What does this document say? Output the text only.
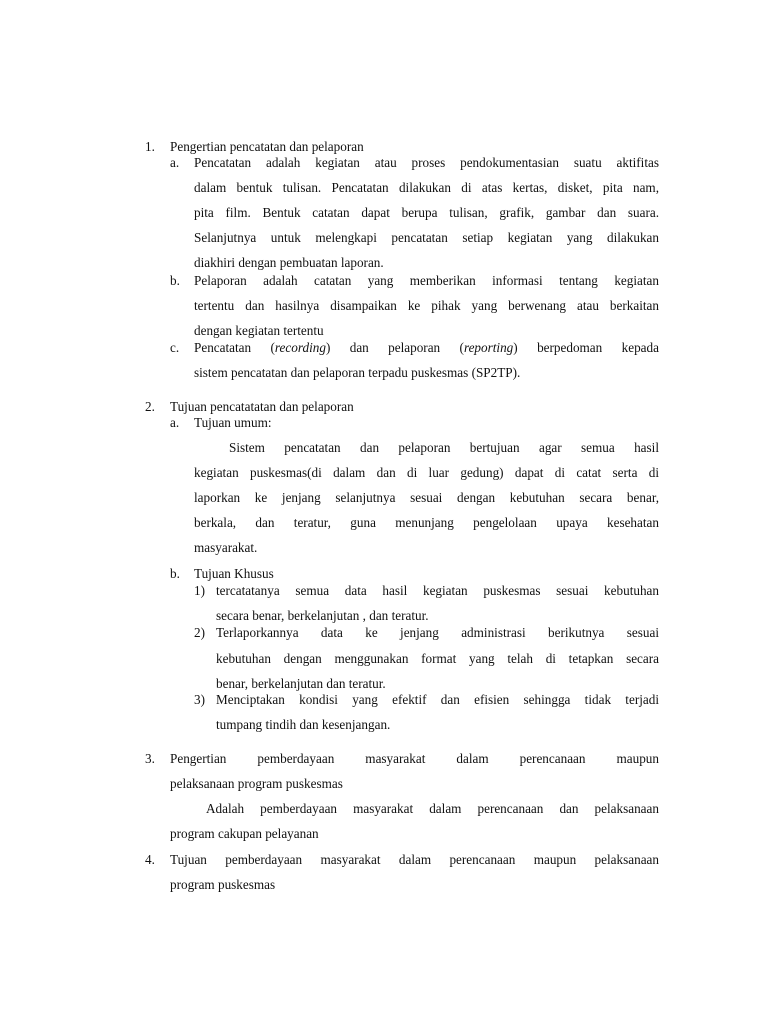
1. Pengertian pencatatan dan pelaporan
a. Pencatatan adalah kegiatan atau proses pendokumentasian suatu aktifitas
dalam bentuk tulisan. Pencatatan dilakukan di atas kertas, disket, pita nam,
pita film. Bentuk catatan dapat berupa tulisan, grafik, gambar dan suara.
Selanjutnya untuk melengkapi pencatatan setiap kegiatan yang dilakukan
diakhiri dengan pembuatan laporan.
b. Pelaporan adalah catatan yang memberikan informasi tentang kegiatan
tertentu dan hasilnya disampaikan ke pihak yang berwenang atau berkaitan
dengan kegiatan tertentu
c. Pencatatan (recording) dan pelaporan (reporting) berpedoman kepada
sistem pencatatan dan pelaporan terpadu puskesmas (SP2TP).
2. Tujuan pencatatatan dan pelaporan
a. Tujuan umum:
Sistem pencatatan dan pelaporan bertujuan agar semua hasil
kegiatan puskesmas(di dalam dan di luar gedung) dapat di catat serta di
laporkan ke jenjang selanjutnya sesuai dengan kebutuhan secara benar,
berkala, dan teratur, guna menunjang pengelolaan upaya kesehatan
masyarakat.
b. Tujuan Khusus
1) tercatatanya semua data hasil kegiatan puskesmas sesuai kebutuhan
secara benar, berkelanjutan , dan teratur.
2) Terlaporkannya data ke jenjang administrasi berikutnya sesuai
kebutuhan dengan menggunakan format yang telah di tetapkan secara
benar, berkelanjutan dan teratur.
3) Menciptakan kondisi yang efektif dan efisien sehingga tidak terjadi
tumpang tindih dan kesenjangan.
3. Pengertian pemberdayaan masyarakat dalam perencanaan maupun
pelaksanaan program puskesmas
Adalah pemberdayaan masyarakat dalam perencanaan dan pelaksanaan
program cakupan pelayanan
4. Tujuan pemberdayaan masyarakat dalam perencanaan maupun pelaksanaan
program puskesmas
